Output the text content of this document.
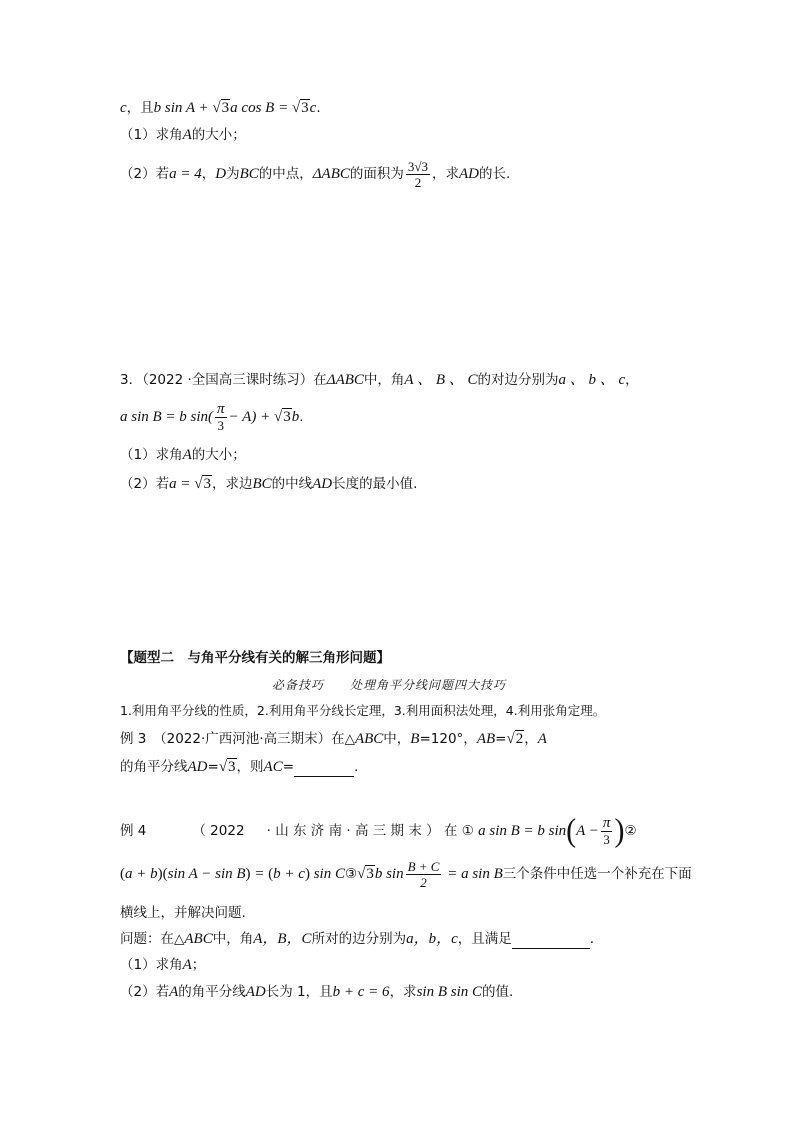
c，且b sin A + √3a cos B = √3c.
（1）求角A的大小；
（2）若a = 4，D为BC的中点，ΔABC的面积为 $\frac{3√3}{2}$ ，求AD的长.
3．（2022 ·全国高三课时练习）在ΔABC中，角A 、 B 、 C的对边分别为a 、 b 、 c，
a sin B = b $\sin( \frac{\pi}{3} - A) + √3b$.
（1）求角A的大小；
（2）若a = √3，求边BC的中线AD长度的最小值.
【题型二　与角平分线有关的解三角形问题】
必备技巧　　处理角平分线问题四大技巧
1.利用角平分线的性质，2.利用角平分线长定理，3.利用面积法处理，4.利用张角定理。
例 3　（2022·广西河池·高三期末）在△ABC中，B=120°，AB=√2，A
的角平分线AD=√3，则AC=	.
例 4	（ 2022 　 · 山 东 济 南 · 高 三 期 末 ） 在 ① a sin B = b $\sin(A - \frac{\pi}{3}$ )②
(a + b)(sin A − sin B) = (b + c) sin C③√3b $\sin \frac{B + C}{2} = a$ sin B三个条件中任选一个补充在下面
横线上，并解决问题.
问题：在△ABC中，角A，B，C所对的边分别为a，b，c，且满足	.
（1）求角A；
（2）若A的角平分线AD长为 1，且b + c = 6，求sin B sin C的值.
